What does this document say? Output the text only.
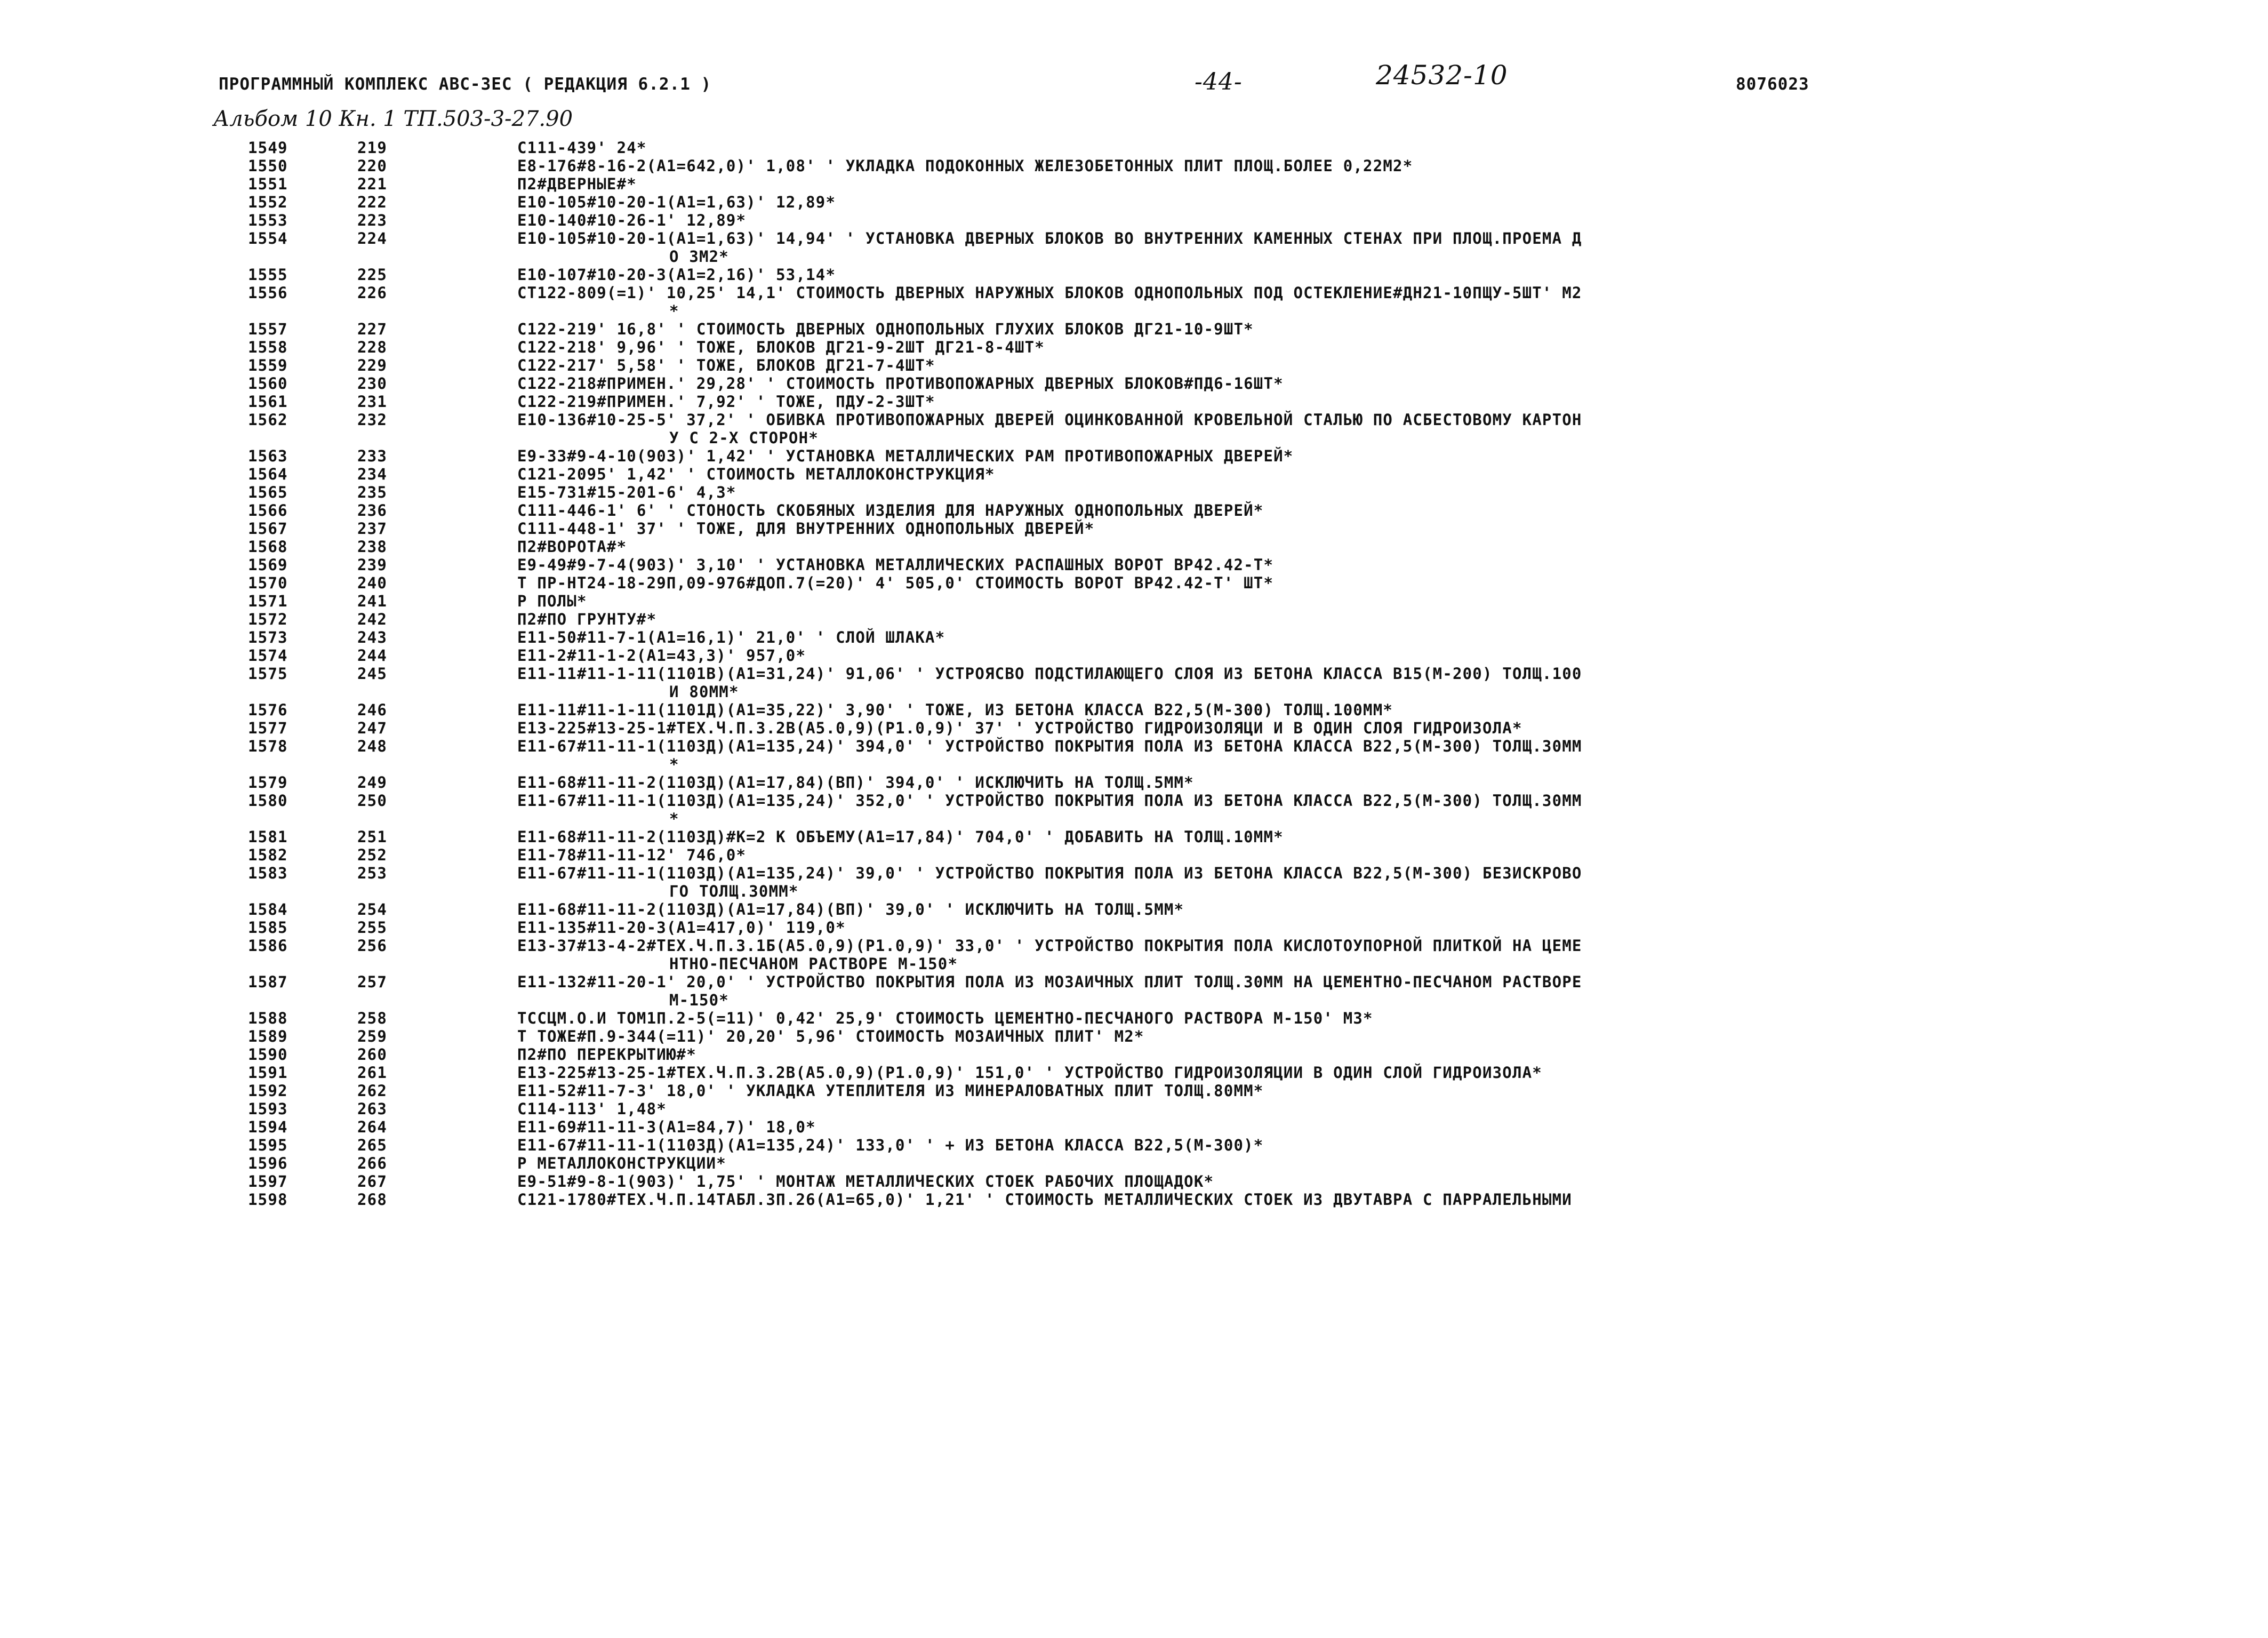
ПРОГРАММНЫЙ КОМПЛЕКС АВС-ЗЕС ( РЕДАКЦИЯ 6.2.1 )	-44-	24532-10	8076023
Альбом 10 Кн. 1 ТП.503-3-27.90
1549	219	С111-439' 24*
1550	220	Е8-176#8-16-2(А1=642,0)' 1,08' ' УКЛАДКА ПОДОКОННЫХ ЖЕЛЕЗОБЕТОННЫХ ПЛИТ ПЛОЩ.БОЛЕЕ 0,22М2*
1551	221	П2#ДВЕРНЫЕ#*
1552	222	Е10-105#10-20-1(А1=1,63)' 12,89*
1553	223	Е10-140#10-26-1' 12,89*
1554	224	Е10-105#10-20-1(А1=1,63)' 14,94' ' УСТАНОВКА ДВЕРНЫХ БЛОКОВ ВО ВНУТРЕННИХ КАМЕННЫХ СТЕНАХ ПРИ ПЛОЩ.ПРОЕМА Д
О 3М2*
1555	225	Е10-107#10-20-3(А1=2,16)' 53,14*
1556	226	СТ122-809(=1)' 10,25' 14,1' СТОИМОСТЬ ДВЕРНЫХ НАРУЖНЫХ БЛОКОВ ОДНОПОЛЬНЫХ ПОД ОСТЕКЛЕНИЕ#ДН21-10ПЩУ-5ШТ' М2
*
1557	227	С122-219' 16,8' ' СТОИМОСТЬ ДВЕРНЫХ ОДНОПОЛЬНЫХ ГЛУХИХ БЛОКОВ ДГ21-10-9ШТ*
1558	228	С122-218' 9,96' ' ТОЖЕ, БЛОКОВ ДГ21-9-2ШТ ДГ21-8-4ШТ*
1559	229	С122-217' 5,58' ' ТОЖЕ, БЛОКОВ ДГ21-7-4ШТ*
1560	230	С122-218#ПРИМЕН.' 29,28' ' СТОИМОСТЬ ПРОТИВОПОЖАРНЫХ ДВЕРНЫХ БЛОКОВ#ПД6-16ШТ*
1561	231	С122-219#ПРИМЕН.' 7,92' ' ТОЖЕ, ПДУ-2-3ШТ*
1562	232	Е10-136#10-25-5' 37,2' ' ОБИВКА ПРОТИВОПОЖАРНЫХ ДВЕРЕЙ ОЦИНКОВАННОЙ КРОВЕЛЬНОЙ СТАЛЬЮ ПО АСБЕСТОВОМУ КАРТОН
У С 2-Х СТОРОН*
1563	233	Е9-33#9-4-10(903)' 1,42' ' УСТАНОВКА МЕТАЛЛИЧЕСКИХ РАМ ПРОТИВОПОЖАРНЫХ ДВЕРЕЙ*
1564	234	С121-2095' 1,42' ' СТОИМОСТЬ МЕТАЛЛОКОНСТРУКЦИЯ*
1565	235	Е15-731#15-201-6' 4,3*
1566	236	С111-446-1' 6' ' СТОНОСТЬ СКОБЯНЫХ ИЗДЕЛИЯ ДЛЯ НАРУЖНЫХ ОДНОПОЛЬНЫХ ДВЕРЕЙ*
1567	237	С111-448-1' 37' ' ТОЖЕ, ДЛЯ ВНУТРЕННИХ ОДНОПОЛЬНЫХ ДВЕРЕЙ*
1568	238	П2#ВОРОТА#*
1569	239	Е9-49#9-7-4(903)' 3,10' ' УСТАНОВКА МЕТАЛЛИЧЕСКИХ РАСПАШНЫХ ВОРОТ ВР42.42-Т*
1570	240	Т ПР-НТ24-18-29П,09-976#ДОП.7(=20)' 4' 505,0' СТОИМОСТЬ ВОРОТ ВР42.42-Т' ШТ*
1571	241	Р ПОЛЫ*
1572	242	П2#ПО ГРУНТУ#*
1573	243	Е11-50#11-7-1(А1=16,1)' 21,0' ' СЛОЙ ШЛАКА*
1574	244	Е11-2#11-1-2(А1=43,3)' 957,0*
1575	245	Е11-11#11-1-11(1101В)(А1=31,24)' 91,06' ' УСТРОЯСВО ПОДСТИЛАЮЩЕГО СЛОЯ ИЗ БЕТОНА КЛАССА В15(М-200) ТОЛЩ.100
И 80ММ*
1576	246	Е11-11#11-1-11(1101Д)(А1=35,22)' 3,90' ' ТОЖЕ, ИЗ БЕТОНА КЛАССА В22,5(М-300) ТОЛЩ.100ММ*
1577	247	Е13-225#13-25-1#ТЕХ.Ч.П.3.2В(А5.0,9)(Р1.0,9)' 37' ' УСТРОЙСТВО ГИДРОИЗОЛЯЦИ И В ОДИН СЛОЯ ГИДРОИЗОЛА*
1578	248	Е11-67#11-11-1(1103Д)(А1=135,24)' 394,0' ' УСТРОЙСТВО ПОКРЫТИЯ ПОЛА ИЗ БЕТОНА КЛАССА В22,5(М-300) ТОЛЩ.30ММ
*
1579	249	Е11-68#11-11-2(1103Д)(А1=17,84)(ВП)' 394,0' ' ИСКЛЮЧИТЬ НА ТОЛЩ.5ММ*
1580	250	Е11-67#11-11-1(1103Д)(А1=135,24)' 352,0' ' УСТРОЙСТВО ПОКРЫТИЯ ПОЛА ИЗ БЕТОНА КЛАССА В22,5(М-300) ТОЛЩ.30ММ
*
1581	251	Е11-68#11-11-2(1103Д)#К=2 К ОБЪЕМУ(А1=17,84)' 704,0' ' ДОБАВИТЬ НА ТОЛЩ.10ММ*
1582	252	Е11-78#11-11-12' 746,0*
1583	253	Е11-67#11-11-1(1103Д)(А1=135,24)' 39,0' ' УСТРОЙСТВО ПОКРЫТИЯ ПОЛА ИЗ БЕТОНА КЛАССА В22,5(М-300) БЕЗИСКРОВО
ГО ТОЛЩ.30ММ*
1584	254	Е11-68#11-11-2(1103Д)(А1=17,84)(ВП)' 39,0' ' ИСКЛЮЧИТЬ НА ТОЛЩ.5ММ*
1585	255	Е11-135#11-20-3(А1=417,0)' 119,0*
1586	256	Е13-37#13-4-2#ТЕХ.Ч.П.3.1Б(А5.0,9)(Р1.0,9)' 33,0' ' УСТРОЙСТВО ПОКРЫТИЯ ПОЛА КИСЛОТОУПОРНОЙ ПЛИТКОЙ НА ЦЕМЕ
НТНО-ПЕСЧАНОМ РАСТВОРЕ М-150*
1587	257	Е11-132#11-20-1' 20,0' ' УСТРОЙСТВО ПОКРЫТИЯ ПОЛА ИЗ МОЗАИЧНЫХ ПЛИТ ТОЛЩ.30ММ НА ЦЕМЕНТНО-ПЕСЧАНОМ РАСТВОРЕ
М-150*
1588	258	ТССЦМ.О.И ТОМ1П.2-5(=11)' 0,42' 25,9' СТОИМОСТЬ ЦЕМЕНТНО-ПЕСЧАНОГО РАСТВОРА М-150' М3*
1589	259	Т ТОЖЕ#П.9-344(=11)' 20,20' 5,96' СТОИМОСТЬ МОЗАИЧНЫХ ПЛИТ' М2*
1590	260	П2#ПО ПЕРЕКРЫТИЮ#*
1591	261	Е13-225#13-25-1#ТЕХ.Ч.П.3.2В(А5.0,9)(Р1.0,9)' 151,0' ' УСТРОЙСТВО ГИДРОИЗОЛЯЦИИ В ОДИН СЛОЙ ГИДРОИЗОЛА*
1592	262	Е11-52#11-7-3' 18,0' ' УКЛАДКА УТЕПЛИТЕЛЯ ИЗ МИНЕРАЛОВАТНЫХ ПЛИТ ТОЛЩ.80ММ*
1593	263	С114-113' 1,48*
1594	264	Е11-69#11-11-3(А1=84,7)' 18,0*
1595	265	Е11-67#11-11-1(1103Д)(А1=135,24)' 133,0' ' + ИЗ БЕТОНА КЛАССА В22,5(М-300)*
1596	266	Р МЕТАЛЛОКОНСТРУКЦИИ*
1597	267	Е9-51#9-8-1(903)' 1,75' ' МОНТАЖ МЕТАЛЛИЧЕСКИХ СТОЕК РАБОЧИХ ПЛОЩАДОК*
1598	268	С121-1780#ТЕХ.Ч.П.14ТАБЛ.3П.26(А1=65,0)' 1,21' ' СТОИМОСТЬ МЕТАЛЛИЧЕСКИХ СТОЕК ИЗ ДВУТАВРА С ПАРРАЛЕЛЬНЫМИ
